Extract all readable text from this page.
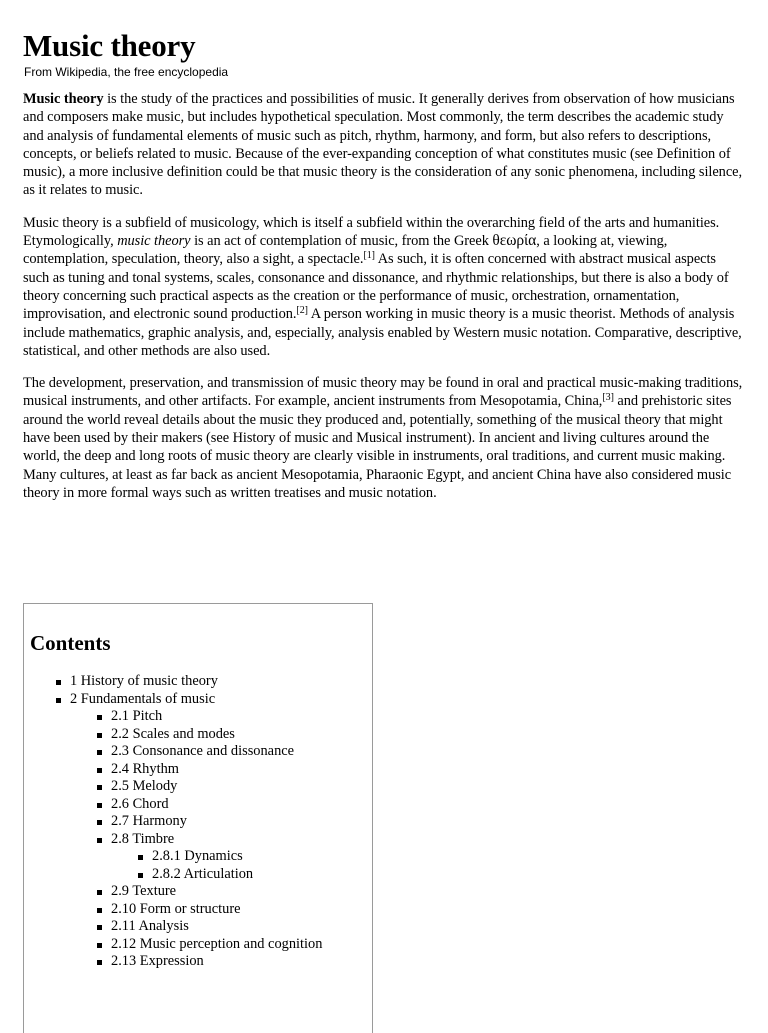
Music theory
From Wikipedia, the free encyclopedia

Music theory is the study of the practices and possibilities of music. It generally derives from observation of how musicians and composers make music, but includes hypothetical speculation. Most commonly, the term describes the academic study and analysis of fundamental elements of music such as pitch, rhythm, harmony, and form, but also refers to descriptions, concepts, or beliefs related to music. Because of the ever-expanding conception of what constitutes music (see Definition of music), a more inclusive definition could be that music theory is the consideration of any sonic phenomena, including silence, as it relates to music.

Music theory is a subfield of musicology, which is itself a subfield within the overarching field of the arts and humanities. Etymologically, music theory is an act of contemplation of music, from the Greek θεωρία, a looking at, viewing, contemplation, speculation, theory, also a sight, a spectacle.[1] As such, it is often concerned with abstract musical aspects such as tuning and tonal systems, scales, consonance and dissonance, and rhythmic relationships, but there is also a body of theory concerning such practical aspects as the creation or the performance of music, orchestration, ornamentation, improvisation, and electronic sound production.[2] A person working in music theory is a music theorist. Methods of analysis include mathematics, graphic analysis, and, especially, analysis enabled by Western music notation. Comparative, descriptive, statistical, and other methods are also used.

The development, preservation, and transmission of music theory may be found in oral and practical music-making traditions, musical instruments, and other artifacts. For example, ancient instruments from Mesopotamia, China,[3] and prehistoric sites around the world reveal details about the music they produced and, potentially, something of the musical theory that might have been used by their makers (see History of music and Musical instrument). In ancient and living cultures around the world, the deep and long roots of music theory are clearly visible in instruments, oral traditions, and current music making. Many cultures, at least as far back as ancient Mesopotamia, Pharaonic Egypt, and ancient China have also considered music theory in more formal ways such as written treatises and music notation.

Contents
1 History of music theory
2 Fundamentals of music
2.1 Pitch
2.2 Scales and modes
2.3 Consonance and dissonance
2.4 Rhythm
2.5 Melody
2.6 Chord
2.7 Harmony
2.8 Timbre
2.8.1 Dynamics
2.8.2 Articulation
2.9 Texture
2.10 Form or structure
2.11 Analysis
2.12 Music perception and cognition
2.13 Expression
